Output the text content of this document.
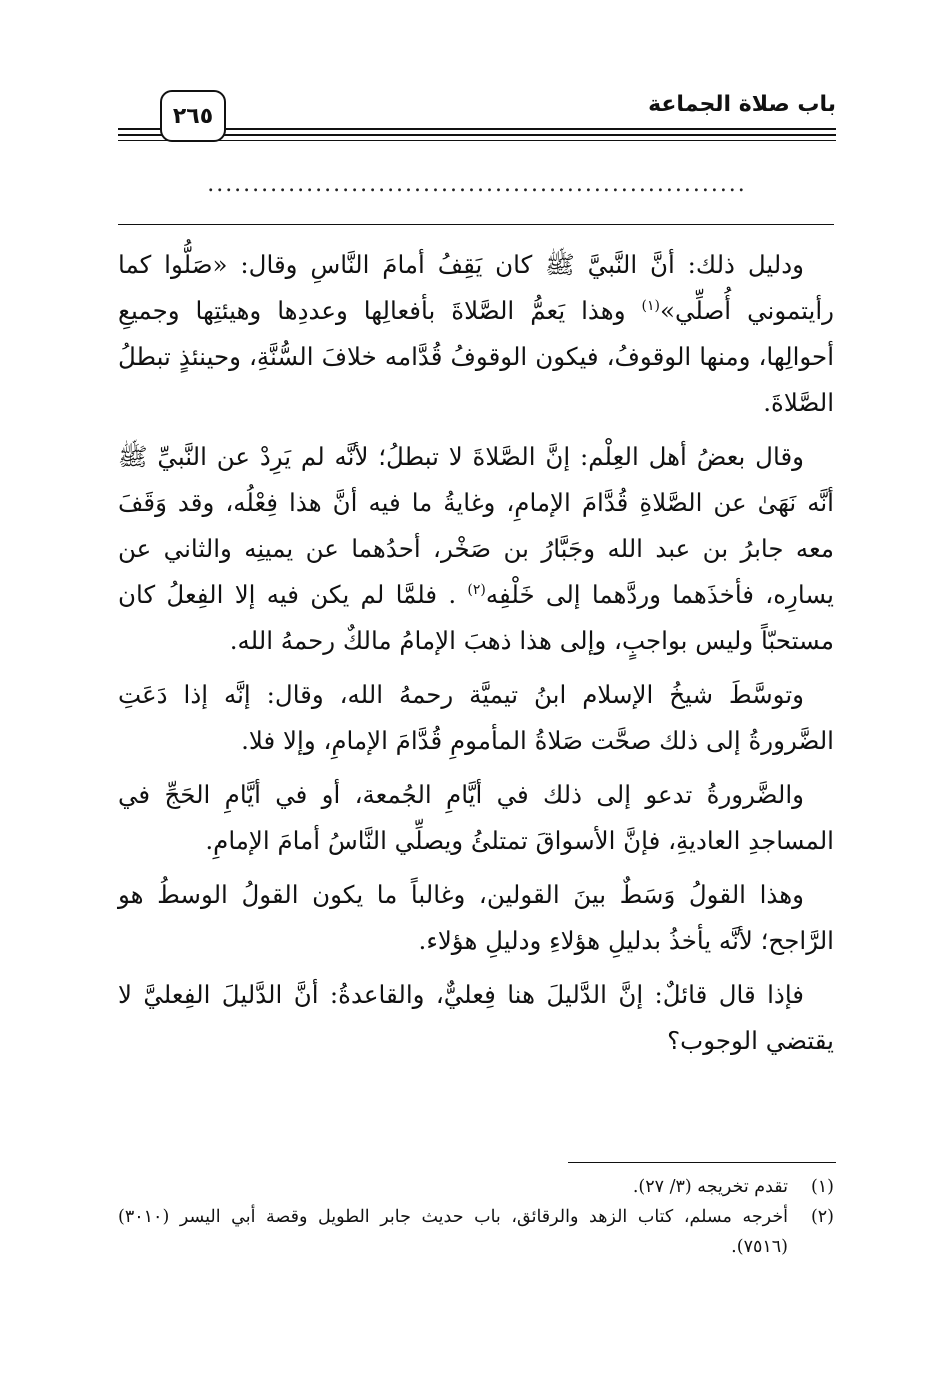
٢٦٥	باب صلاة الجماعة
............................................................

ودليل ذلك: أنَّ النَّبيَّ ﷺ كان يَقِفُ أمامَ النَّاسِ وقال: «صَلُّوا كما رأيتموني أُصلِّي»$^{(١)}$ وهذا يَعمُّ الصَّلاةَ بأفعالِها وعددِها وهيئتِها وجميعِ أحوالِها، ومنها الوقوفُ، فيكون الوقوفُ قُدَّامه خلافَ السُّنَّةِ، وحينئذٍ تبطلُ الصَّلاةَ.

وقال بعضُ أهل العِلْم: إنَّ الصَّلاةَ لا تبطلُ؛ لأنَّه لم يَرِدْ عن النَّبيِّ ﷺ أنَّه نَهَىٰ عن الصَّلاةِ قُدَّامَ الإمامِ، وغايةُ ما فيه أنَّ هذا فِعْلُه، وقد وَقَفَ معه جابرُ بن عبد الله وجَبَّارُ بن صَخْر، أحدُهما عن يمينِه والثاني عن يسارِه، فأخذَهما وردَّهما إلى خَلْفِه$^{(٢)}$ . فلمَّا لم يكن فيه إلا الفِعلُ كان مستحبّاً وليس بواجبٍ، وإلى هذا ذهبَ الإمامُ مالكٌ رحمهُ الله.

وتوسَّطَ شيخُ الإسلام ابنُ تيميَّة رحمهُ الله، وقال: إنَّه إذا دَعَتِ الضَّرورةُ إلى ذلك صحَّت صَلاةُ المأمومِ قُدَّامَ الإمامِ، وإلا فلا.

والضَّرورةُ تدعو إلى ذلك في أيَّامِ الجُمعة، أو في أيَّامِ الحَجِّ في المساجدِ العاديةِ، فإنَّ الأسواقَ تمتلئُ ويصلِّي النَّاسُ أمامَ الإمامِ.

وهذا القولُ وَسَطٌ بينَ القولين، وغالباً ما يكون القولُ الوسطُ هو الرَّاجح؛ لأنَّه يأخذُ بدليلِ هؤلاءِ ودليلِ هؤلاء.

فإذا قال قائلٌ: إنَّ الدَّليلَ هنا فِعليٌّ، والقاعدةُ: أنَّ الدَّليلَ الفِعليَّ لا يقتضي الوجوب؟

(١)
تقدم تخريجه (٣/ ٢٧).
(٢)
أخرجه مسلم، كتاب الزهد والرقائق، باب حديث جابر الطويل وقصة أبي اليسر (٣٠١٠) (٧٥١٦).
